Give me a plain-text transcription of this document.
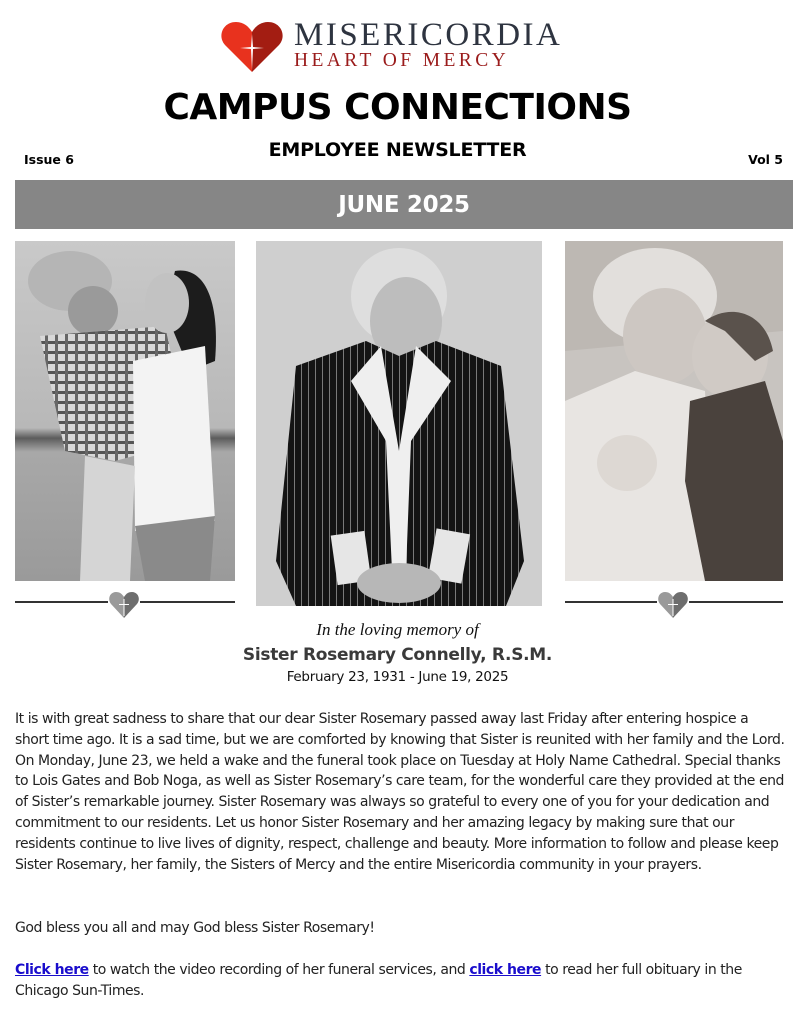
MISERICORDIA
HEART OF MERCY
CAMPUS CONNECTIONS
EMPLOYEE NEWSLETTER
Issue 6	Vol 5
JUNE 2025
In the loving memory of
Sister Rosemary Connelly, R.S.M.
February 23, 1931 - June 19, 2025

It is with great sadness to share that our dear Sister Rosemary passed away last Friday after entering hospice a short time ago. It is a sad time, but we are comforted by knowing that Sister is reunited with her family and the Lord. On Monday, June 23, we held a wake and the funeral took place on Tuesday at Holy Name Cathedral. Special thanks to Lois Gates and Bob Noga, as well as Sister Rosemary’s care team, for the wonderful care they provided at the end of Sister’s remarkable journey. Sister Rosemary was always so grateful to every one of you for your dedication and commitment to our residents. Let us honor Sister Rosemary and her amazing legacy by making sure that our residents continue to live lives of dignity, respect, challenge and beauty. More information to follow and please keep Sister Rosemary, her family, the Sisters of Mercy and the entire Misericordia community in your prayers.

God bless you all and may God bless Sister Rosemary!

Click here to watch the video recording of her funeral services, and click here to read her full obituary in the Chicago Sun-Times.
